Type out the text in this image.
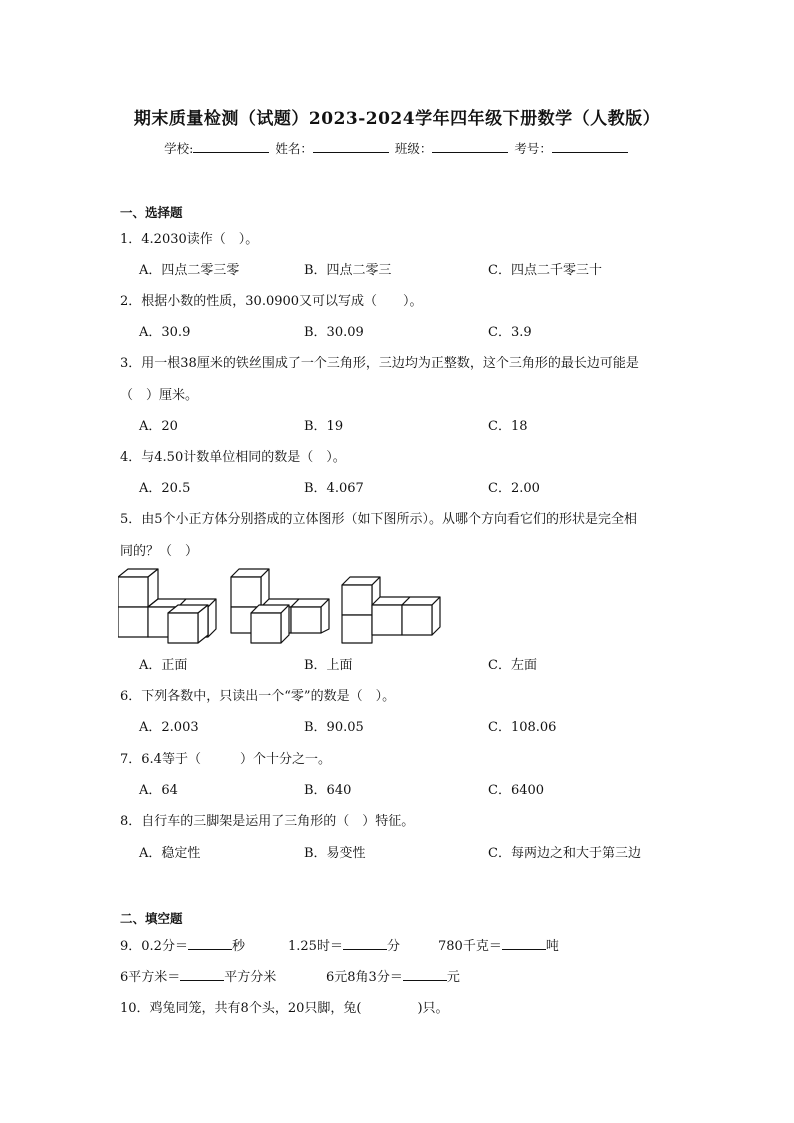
期末质量检测（试题）2023-2024学年四年级下册数学（人教版）
学校:	姓名：	班级：	考号：
一、选择题
1．4.2030读作（　）。
A．四点二零三零	B．四点二零三	C．四点二千零三十
2．根据小数的性质，30.0900又可以写成（　　）。
A．30.9	B．30.09	C．3.9
3．用一根38厘米的铁丝围成了一个三角形，三边均为正整数，这个三角形的最长边可能是
（　）厘米。
A．20	B．19	C．18
4．与4.50计数单位相同的数是（　）。
A．20.5	B．4.067	C．2.00
5．由5个小正方体分别搭成的立体图形（如下图所示）。从哪个方向看它们的形状是完全相
同的？（　）
A．正面	B．上面	C．左面
6．下列各数中，只读出一个“零”的数是（　）。
A．2.003	B．90.05	C．108.06
7．6.4等于（　　　）个十分之一。
A．64	B．640	C．6400
8．自行车的三脚架是运用了三角形的（　）特征。
A．稳定性	B．易变性	C．每两边之和大于第三边
二、填空题
9．0.2分＝	秒	1.25时＝	分	780千克＝	吨
6平方米＝	平方分米	6元8角3分＝	元
10．鸡兔同笼，共有8个头，20只脚，兔(	)只。
